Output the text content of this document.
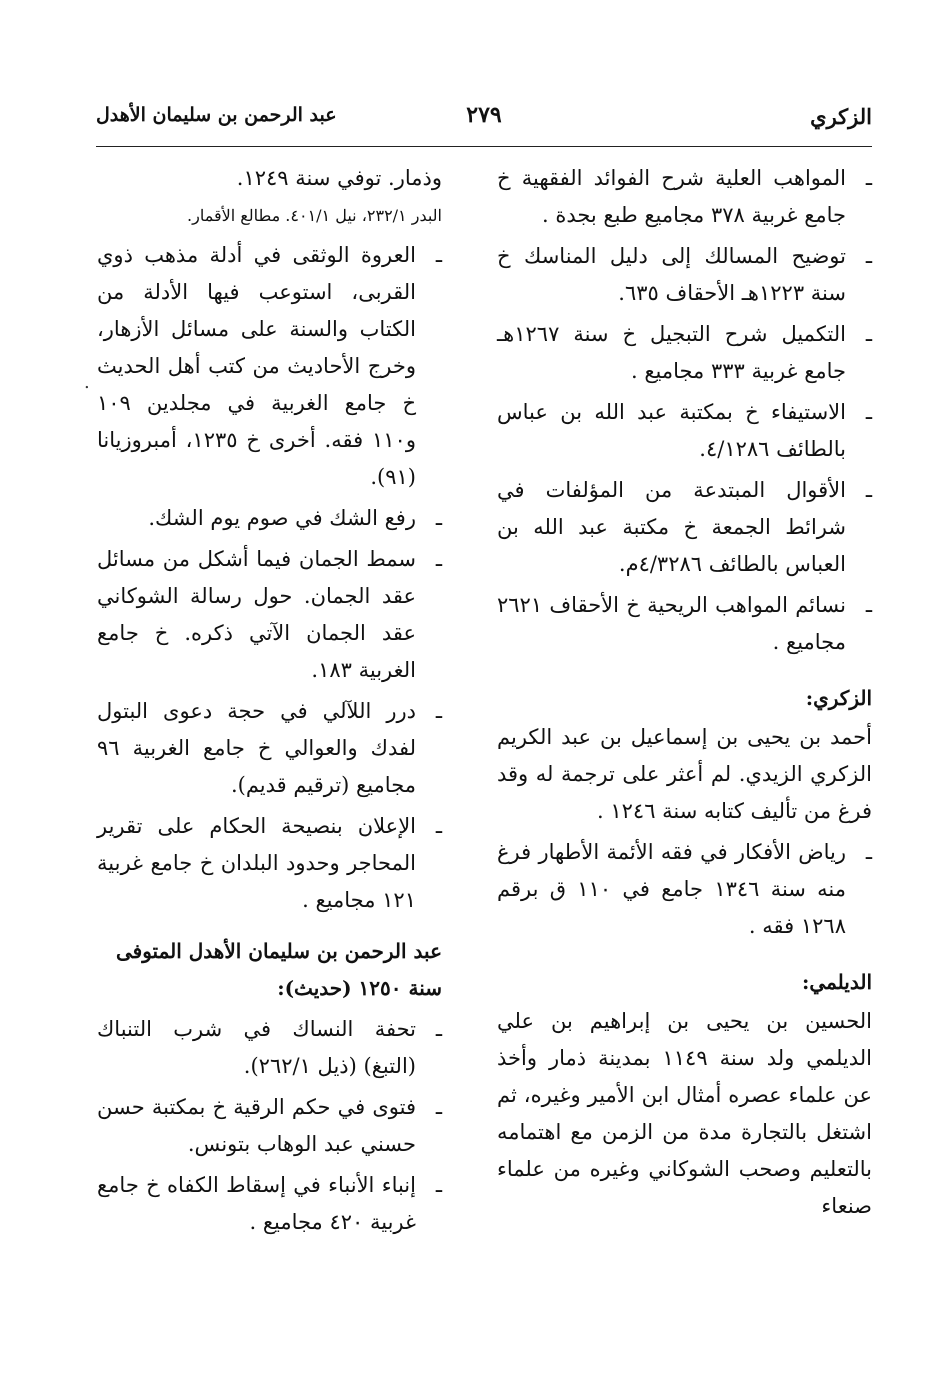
الزكري
٢٧٩
عبد الرحمن بن سليمان الأهدل
.
ـ
المواهب العلية شرح الفوائد الفقهية خ جامع غربية ٣٧٨ مجاميع طبع بجدة .
ـ
توضيح المسالك إلى دليل المناسك خ سنة ١٢٢٣هـ الأحقاف ٦٣٥.
ـ
التكميل شرح التبجيل خ سنة ١٢٦٧هـ جامع غربية ٣٣٣ مجاميع .
ـ
الاستيفاء خ بمكتبة عبد الله بن عباس بالطائف ٤/١٢٨٦.
ـ
الأقوال المبتدعة من المؤلفات في شرائط الجمعة خ مكتبة عبد الله بن العباس بالطائف ٤/٣٢٨٦م.
ـ
نسائم المواهب الريحية خ الأحقاف ٢٦٢١ مجاميع .
الزكري:

أحمد بن يحيى بن إسماعيل بن عبد الكريم الزكري الزيدي. لم أعثر على ترجمة له وقد فرغ من تأليف كتابه سنة ١٢٤٦ .

ـ
رياض الأفكار في فقه الأئمة الأطهار فرغ منه سنة ١٣٤٦ جامع في ١١٠ ق برقم ١٢٦٨ فقه .
الديلمي:

الحسين بن يحيى بن إبراهيم بن علي الديلمي ولد سنة ١١٤٩ بمدينة ذمار وأخذ عن علماء عصره أمثال ابن الأمير وغيره، ثم اشتغل بالتجارة مدة من الزمن مع اهتمامه بالتعليم وصحب الشوكاني وغيره من علماء صنعاء

وذمار. توفي سنة ١٢٤٩.

البدر ٢٣٢/١، نيل ٤٠١/١. مطالع الأقمار.
ـ
العروة الوثقى في أدلة مذهب ذوي القربى، استوعب فيها الأدلة من الكتاب والسنة على مسائل الأزهار، وخرج الأحاديث من كتب أهل الحديث خ جامع الغربية في مجلدين ١٠٩ و١١٠ فقه. أخرى خ ١٢٣٥، أمبروزيانا (٩١).
ـ
رفع الشك في صوم يوم الشك.
ـ
سمط الجمان فيما أشكل من مسائل عقد الجمان. حول رسالة الشوكاني عقد الجمان الآتي ذكره. خ جامع الغربية ١٨٣.
ـ
درر اللآلي في حجة دعوى البتول لفدك والعوالي خ جامع الغربية ٩٦ مجاميع (ترقيم قديم).
ـ
الإعلان بنصيحة الحكام على تقرير المحاجر وحدود البلدان خ جامع غربية ١٢١ مجاميع .
عبد الرحمن بن سليمان الأهدل المتوفى سنة ١٢٥٠ (حديث):
ـ
تحفة النساك في شرب التنباك (التبغ) (ذيل ٢٦٢/١).
ـ
فتوى في حكم الرقية خ بمكتبة حسن حسني عبد الوهاب بتونس.
ـ
إنباء الأنباء في إسقاط الكفاه خ جامع غربية ٤٢٠ مجاميع .
